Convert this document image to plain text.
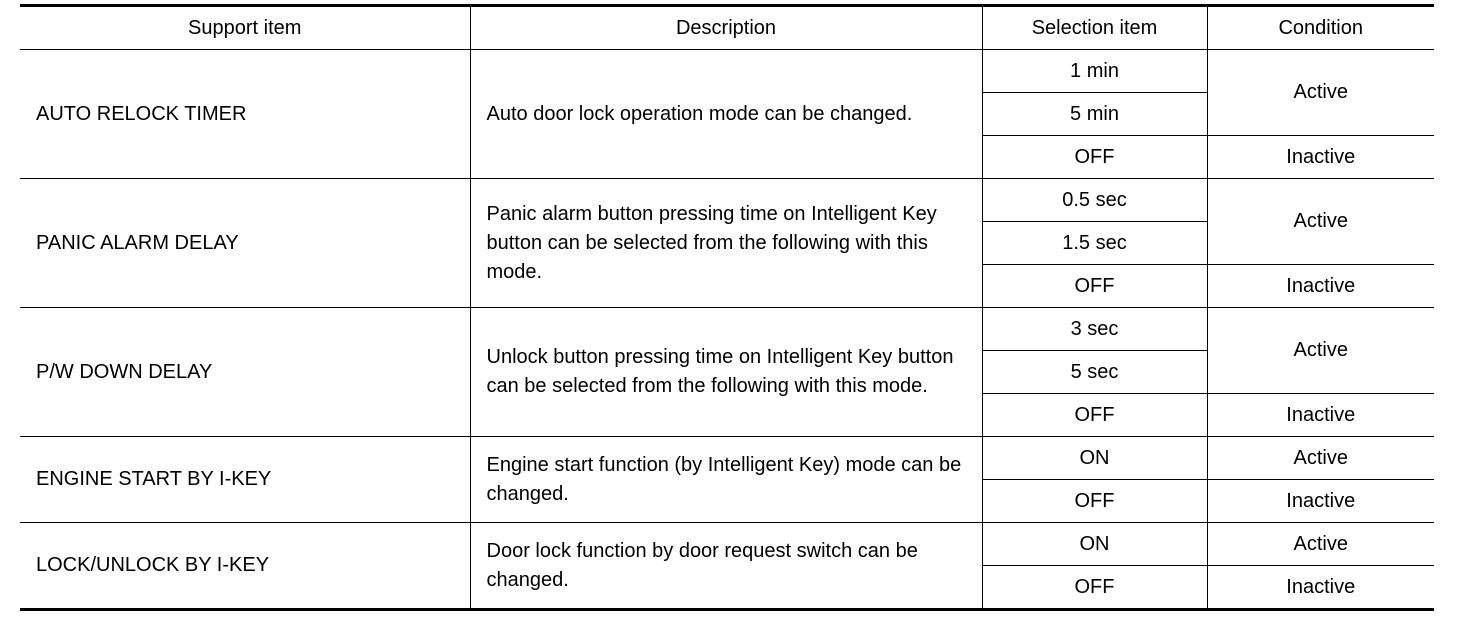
Support item	Description	Selection item	Condition
AUTO RELOCK TIMER	Auto door lock operation mode can be changed.	1 min	Active
		5 min	
		OFF	Inactive
PANIC ALARM DELAY	Panic alarm button pressing time on Intelligent Key button can be selected from the following with this mode.	0.5 sec	Active
		1.5 sec	
		OFF	Inactive
P/W DOWN DELAY	Unlock button pressing time on Intelligent Key button can be selected from the following with this mode.	3 sec	Active
		5 sec	
		OFF	Inactive
ENGINE START BY I-KEY	Engine start function (by Intelligent Key) mode can be changed.	ON	Active
		OFF	Inactive
LOCK/UNLOCK BY I-KEY	Door lock function by door request switch can be changed.	ON	Active
		OFF	Inactive
